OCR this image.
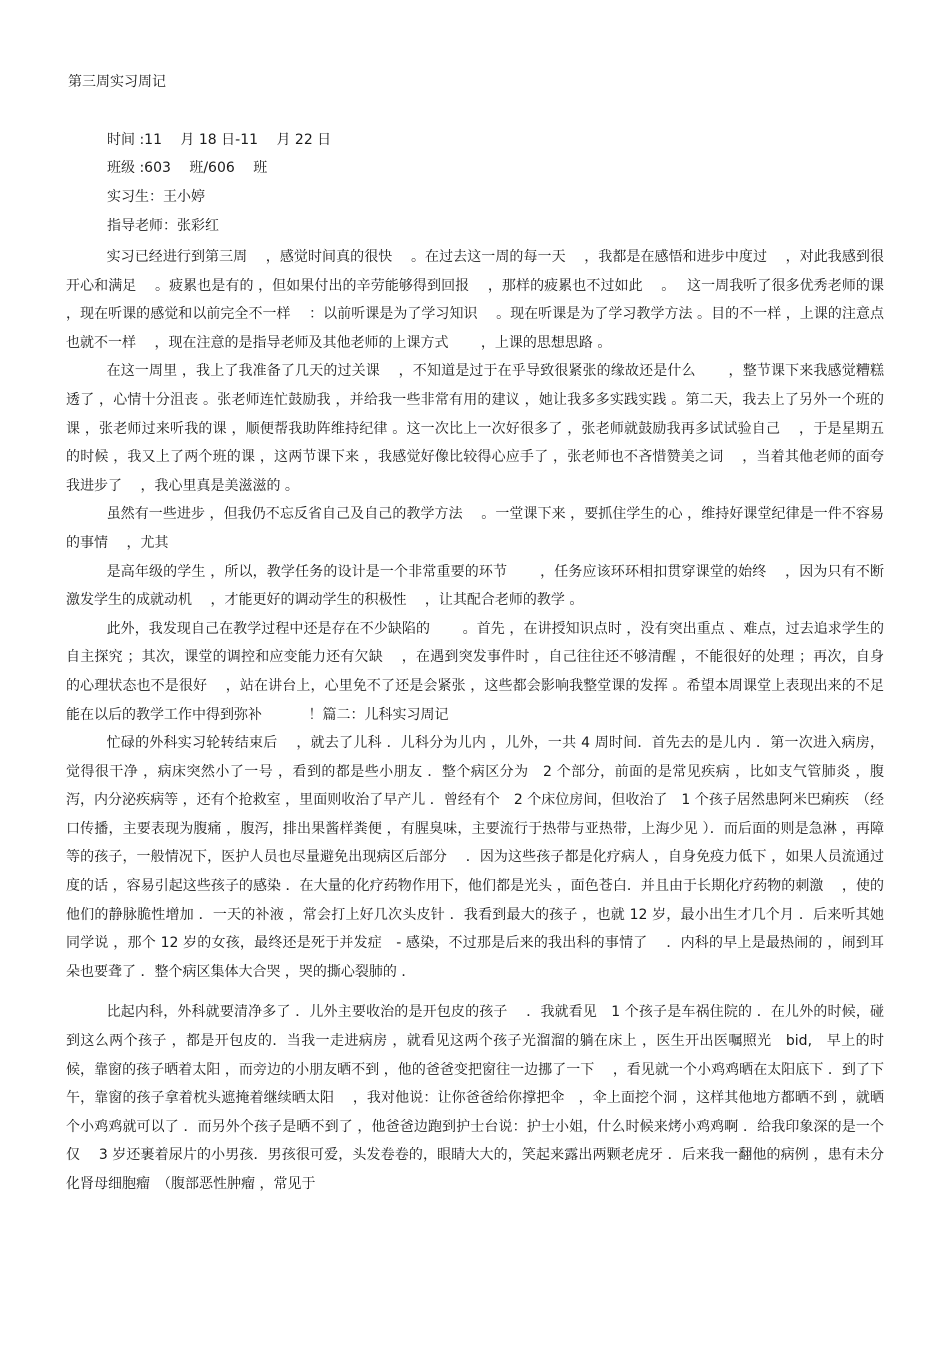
第三周实习周记
时间 :11　 月 18 日-11　 月 22 日
班级 :603　 班/606　 班
实习生：王小婷
指导老师：张彩红

实习已经进行到第三周　 ，感觉时间真的很快　 。在过去这一周的每一天　 ，我都是在感悟和进步中度过　 ，对此我感到很开心和满足　 。疲累也是有的 ，但如果付出的辛劳能够得到回报　 ，那样的疲累也不过如此　 。　 这一周我听了很多优秀老师的课　 ，现在听课的感觉和以前完全不一样　 ：以前听课是为了学习知识　 。现在听课是为了学习教学方法 。目的不一样 ，上课的注意点也就不一样　 ，现在注意的是指导老师及其他老师的上课方式　　 ，上课的思想思路 。

在这一周里 ，我上了我准备了几天的过关课　 ，不知道是过于在乎导致很紧张的缘故还是什么　　 ，整节课下来我感觉糟糕透了 ，心情十分沮丧 。张老师连忙鼓励我 ，并给我一些非常有用的建议 ，她让我多多实践实践 。第二天，我去上了另外一个班的课 ，张老师过来听我的课 ，顺便帮我助阵维持纪律 。这一次比上一次好很多了 ，张老师就鼓励我再多试试验自己　 ，于是星期五的时候 ，我又上了两个班的课 ，这两节课下来 ，我感觉好像比较得心应手了 ，张老师也不吝惜赞美之词　 ，当着其他老师的面夸我进步了　 ，我心里真是美滋滋的 。

虽然有一些进步 ，但我仍不忘反省自己及自己的教学方法　 。一堂课下来 ，要抓住学生的心 ，维持好课堂纪律是一件不容易的事情　 ，尤其

是高年级的学生 ，所以，教学任务的设计是一个非常重要的环节　　 ，任务应该环环相扣贯穿课堂的始终　 ，因为只有不断激发学生的成就动机　 ，才能更好的调动学生的积极性　 ，让其配合老师的教学 。

此外，我发现自己在教学过程中还是存在不少缺陷的　　 。首先 ，在讲授知识点时 ，没有突出重点 、难点，过去追求学生的自主探究 ；其次，课堂的调控和应变能力还有欠缺　 ，在遇到突发事件时 ，自己往往还不够清醒 ，不能很好的处理 ；再次，自身的心理状态也不是很好　 ，站在讲台上，心里免不了还是会紧张 ，这些都会影响我整堂课的发挥 。希望本周课堂上表现出来的不足能在以后的教学工作中得到弥补　　　 ！篇二：儿科实习周记

忙碌的外科实习轮转结束后　 ，就去了儿科 ．儿科分为儿内 ，儿外，一共 4 周时间．首先去的是儿内 ．第一次进入病房，觉得很干净 ，病床突然小了一号 ，看到的都是些小朋友 ．整个病区分为　2 个部分，前面的是常见疾病 ，比如支气管肺炎 ，腹泻，内分泌疾病等 ，还有个抢救室 ，里面则收治了早产儿 ．曾经有个　2 个床位房间，但收治了　1 个孩子居然患阿米巴痢疾　（经口传播，主要表现为腹痛 ，腹泻，排出果酱样粪便 ，有腥臭味，主要流行于热带与亚热带，上海少见 ）．而后面的则是急淋 ，再障等的孩子，一般情况下，医护人员也尽量避免出现病区后部分　 ．因为这些孩子都是化疗病人 ，自身免疫力低下 ，如果人员流通过度的话 ，容易引起这些孩子的感染 ．在大量的化疗药物作用下，他们都是光头 ，面色苍白．并且由于长期化疗药物的刺激　 ，使的他们的静脉脆性增加 ．一天的补液 ，常会打上好几次头皮针 ．我看到最大的孩子 ，也就 12 岁，最小出生才几个月 ．后来听其她同学说 ，那个 12 岁的女孩，最终还是死于并发症　- 感染，不过那是后来的我出科的事情了　 ．内科的早上是最热闹的 ，闹到耳朵也要聋了 ．整个病区集体大合哭 ，哭的撕心裂肺的 ．

比起内科，外科就要清净多了 ．儿外主要收治的是开包皮的孩子　 ．我就看见　1 个孩子是车祸住院的 ．在儿外的时候，碰到这么两个孩子 ，都是开包皮的．当我一走进病房 ，就看见这两个孩子光溜溜的躺在床上 ，医生开出医嘱照光　bid,　早上的时候，靠窗的孩子晒着太阳 ，而旁边的小朋友晒不到 ，他的爸爸变把窗往一边挪了一下　 ，看见就一个小鸡鸡晒在太阳底下 ．到了下午，靠窗的孩子拿着枕头遮掩着继续晒太阳　 ，我对他说：让你爸爸给你撑把伞　，伞上面挖个洞 ，这样其他地方都晒不到 ，就晒个小鸡鸡就可以了 ．而另外个孩子是晒不到了 ，他爸爸边跑到护士台说：护士小姐，什么时候来烤小鸡鸡啊 ．给我印象深的是一个仅　 3 岁还裹着尿片的小男孩．男孩很可爱，头发卷卷的，眼睛大大的，笑起来露出两颗老虎牙 ．后来我一翻他的病例 ，患有未分化肾母细胞瘤　（腹部恶性肿瘤 ，常见于
